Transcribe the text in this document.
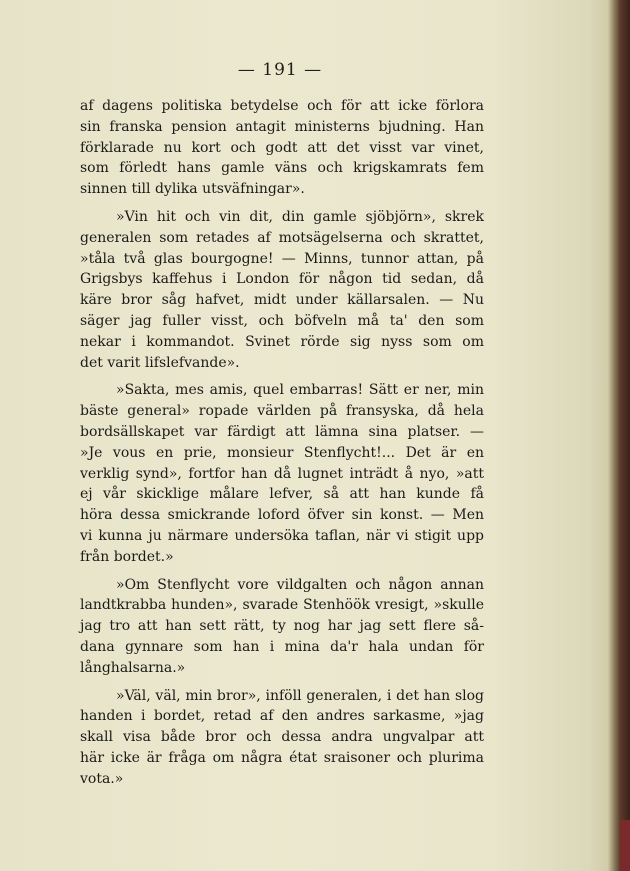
— 191 —
af dagens politiska betydelse och för att icke förlora
sin franska pension antagit ministerns bjudning. Han
förklarade nu kort och godt att det visst var vinet,
som förledt hans gamle väns och krigskamrats fem
sinnen till dylika utsväfningar».
»Vin hit och vin dit, din gamle sjöbjörn», skrek
generalen som retades af motsägelserna och skrattet,
»tåla två glas bourgogne! — Minns, tunnor attan, på
Grigsbys kaffehus i London för någon tid sedan, då
käre bror såg hafvet, midt under källarsalen. — Nu
säger jag fuller visst, och böfveln må ta' den som
nekar i kommandot. Svinet rörde sig nyss som om
det varit lifslefvande».
»Sakta, mes amis, quel embarras! Sätt er ner, min
bäste general» ropade världen på fransyska, då hela
bordsällskapet var färdigt att lämna sina platser. —
»Je vous en prie, monsieur Stenflycht!... Det är en
verklig synd», fortfor han då lugnet inträdt å nyo, »att
ej vår skicklige målare lefver, så att han kunde få
höra dessa smickrande loford öfver sin konst. — Men
vi kunna ju närmare undersöka taflan, när vi stigit upp
från bordet.»
»Om Stenflycht vore vildgalten och någon annan
landtkrabba hunden», svarade Stenhöök vresigt, »skulle
jag tro att han sett rätt, ty nog har jag sett flere så-
dana gynnare som han i mina da'r hala undan för
långhalsarna.»
»Väl, väl, min bror», inföll generalen, i det han slog
handen i bordet, retad af den andres sarkasme, »jag
skall visa både bror och dessa andra ungvalpar att
här icke är fråga om några état sraisoner och plurima
vota.»
